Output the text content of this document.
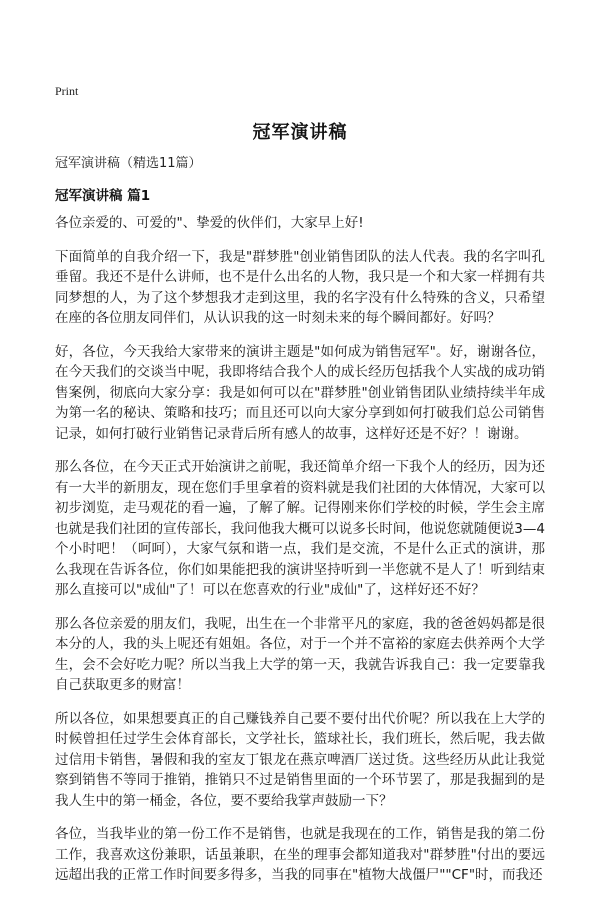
Print
冠军演讲稿
冠军演讲稿（精选11篇）
冠军演讲稿 篇1

各位亲爱的、可爱的"、挚爱的伙伴们，大家早上好!

下面简单的自我介绍一下，我是"群梦胜"创业销售团队的法人代表。我的名字叫孔垂留。我还不是什么讲师，也不是什么出名的人物，我只是一个和大家一样拥有共同梦想的人，为了这个梦想我才走到这里，我的名字没有什么特殊的含义，只希望在座的各位朋友同伴们，从认识我的这一时刻未来的每个瞬间都好。好吗？

好，各位，今天我给大家带来的演讲主题是"如何成为销售冠军"。好，谢谢各位，在今天我们的交谈当中呢，我即将结合我个人的成长经历包括我个人实战的成功销售案例，彻底向大家分享：我是如何可以在"群梦胜"创业销售团队业绩持续半年成为第一名的秘诀、策略和技巧；而且还可以向大家分享到如何打破我们总公司销售记录，如何打破行业销售记录背后所有感人的故事，这样好还是不好？！谢谢。

那么各位，在今天正式开始演讲之前呢，我还简单介绍一下我个人的经历，因为还有一大半的新朋友，现在您们手里拿着的资料就是我们社团的大体情况，大家可以初步浏览，走马观花的看一遍，了解了解。记得刚来你们学校的时候，学生会主席也就是我们社团的宣传部长，我问他我大概可以说多长时间，他说您就随便说3—4个小时吧！（呵呵），大家气氛和谐一点，我们是交流，不是什么正式的演讲，那么我现在告诉各位，你们如果能把我的演讲坚持听到一半您就不是人了！听到结束那么直接可以"成仙"了！可以在您喜欢的行业"成仙"了，这样好还不好？

那么各位亲爱的朋友们，我呢，出生在一个非常平凡的家庭，我的爸爸妈妈都是很本分的人，我的头上呢还有姐姐。各位，对于一个并不富裕的家庭去供养两个大学生，会不会好吃力呢？所以当我上大学的第一天，我就告诉我自己：我一定要靠我自己获取更多的财富！

所以各位，如果想要真正的自己赚钱养自己要不要付出代价呢？所以我在上大学的时候曾担任过学生会体育部长，文学社长，篮球社长，我们班长，然后呢，我去做过信用卡销售，暑假和我的室友丁银龙在燕京啤酒厂送过货。这些经历从此让我觉察到销售不等同于推销，推销只不过是销售里面的一个环节罢了，那是我掘到的是我人生中的第一桶金，各位，要不要给我掌声鼓励一下？

各位，当我毕业的第一份工作不是销售，也就是我现在的工作，销售是我的第二份工作，我喜欢这份兼职，话虽兼职，在坐的理事会都知道我对"群梦胜"付出的要远远超出我的正常工作时间要多得多，当我的同事在"植物大战僵尸""CF"时，而我还
